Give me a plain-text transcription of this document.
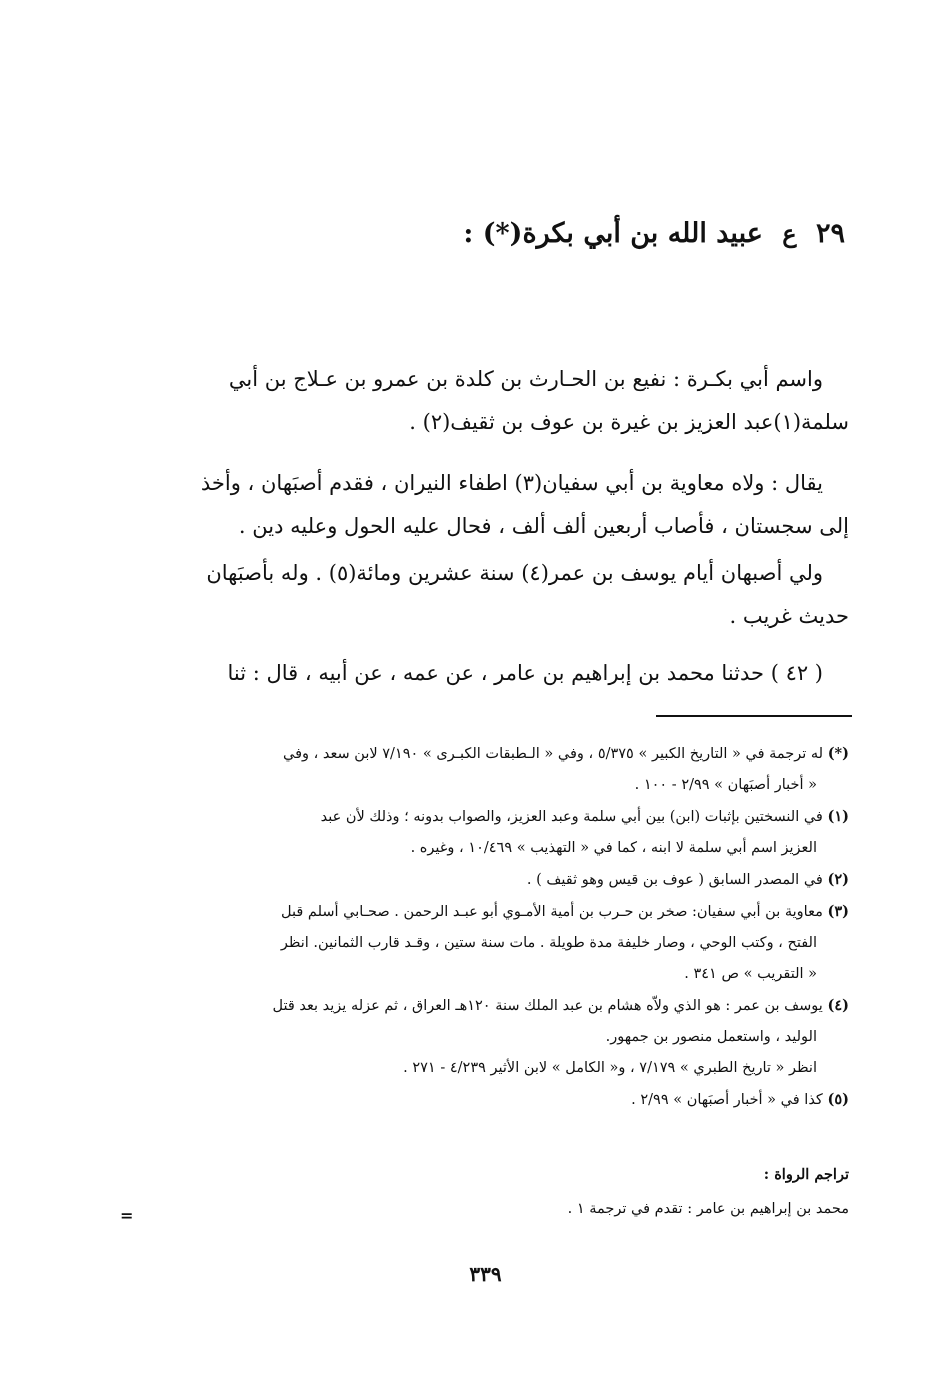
٢٩ ع عبيد الله بن أبي بكرة(*) :
واسم أبي بكـرة : نفيع بن الحـارث بن كلدة بن عمرو بن عـلاج بن أبي
سلمة(١)عبد العزيز بن غيرة بن عوف بن ثقيف(٢) .
يقال : ولاه معاوية بن أبي سفيان(٣) اطفاء النيران ، فقدم أصبَهان ، وأخذ
إلى سجستان ، فأصاب أربعين ألف ألف ، فحال عليه الحول وعليه دين .
ولي أصبهان أيام يوسف بن عمر(٤) سنة عشرين ومائة(٥) . وله بأصبَهان
حديث غريب .
( ٤٢ ) حدثنا محمد بن إبراهيم بن عامر ، عن عمه ، عن أبيه ، قال : ثنا
(*) له ترجمة في « التاريخ الكبير » ٥/٣٧٥ ، وفي « الـطبقات الكبـرى » ٧/١٩٠ لابن سعد ، وفي
« أخبار أصبَهان » ٢/٩٩ - ١٠٠ .
(١) في النسختين بإثبات (ابن) بين أبي سلمة وعبد العزيز، والصواب بدونه ؛ وذلك لأن عبد
العزيز اسم أبي سلمة لا ابنه ، كما في « التهذيب » ١٠/٤٦٩ ، وغيره .
(٢) في المصدر السابق ( عوف بن قيس وهو ثقيف ) .
(٣) معاوية بن أبي سفيان: صخر بن حـرب بن أمية الأمـوي أبو عبـد الرحمن . صحـابي أسلم قبل
الفتح ، وكتب الوحي ، وصار خليفة مدة طويلة . مات سنة ستين ، وقـد قارب الثمانين. انظر
« التقريب » ص ٣٤١ .
(٤) يوسف بن عمر : هو الذي ولاّه هشام بن عبد الملك سنة ١٢٠هـ العراق ، ثم عزله يزيد بعد قتل
الوليد ، واستعمل منصور بن جمهور.
انظر « تاريخ الطبري » ٧/١٧٩ ، و« الكامل » لابن الأثير ٤/٢٣٩ - ٢٧١ .
(٥) كذا في « أخبار أصبَهان » ٢/٩٩ .
تراجم الرواة :
محمد بن إبراهيم بن عامر : تقدم في ترجمة ١ .
=
٣٣٩
